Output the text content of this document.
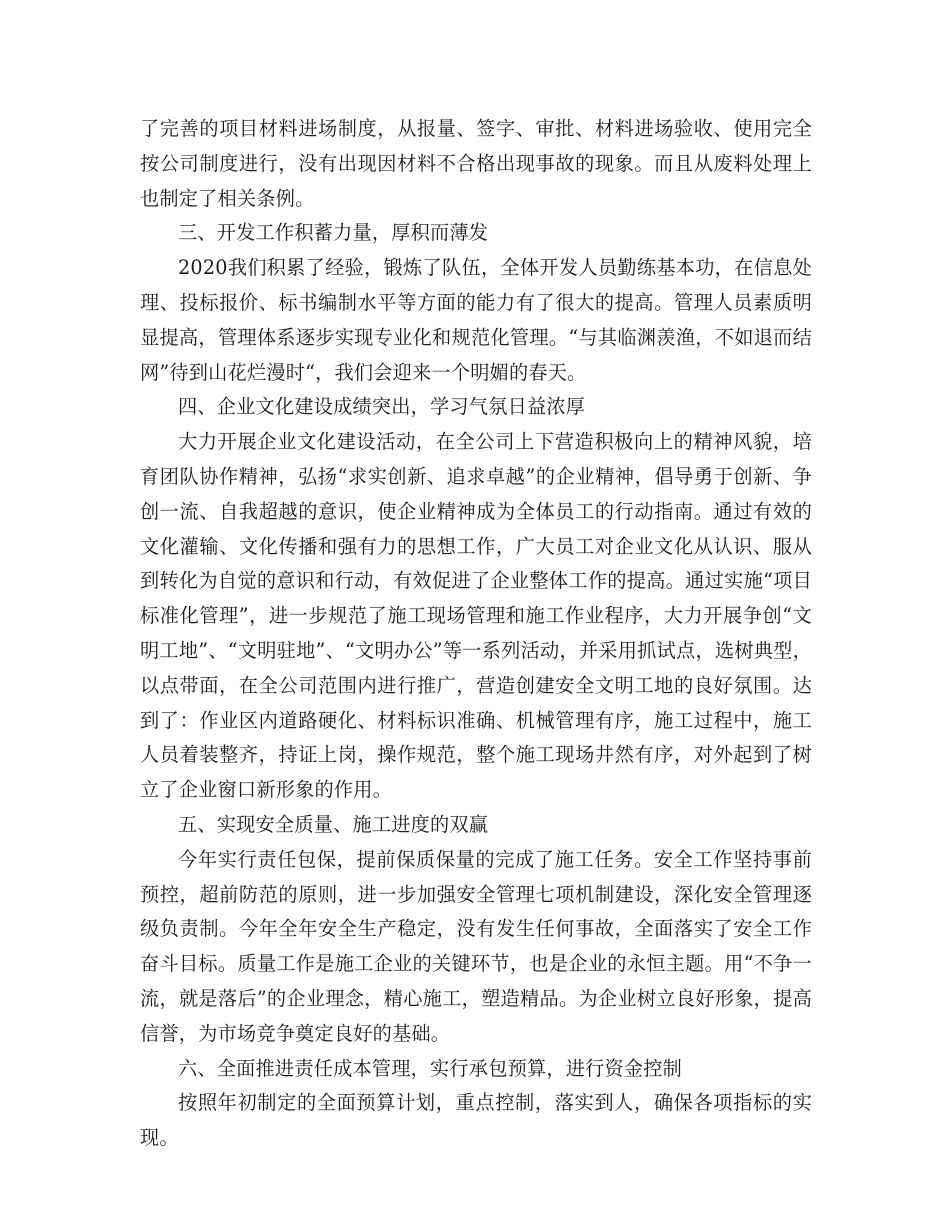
了完善的项目材料进场制度，从报量、签字、审批、材料进场验收、使用完全按公司制度进行，没有出现因材料不合格出现事故的现象。而且从废料处理上也制定了相关条例。

三、开发工作积蓄力量，厚积而薄发

2020我们积累了经验，锻炼了队伍，全体开发人员勤练基本功，在信息处理、投标报价、标书编制水平等方面的能力有了很大的提高。管理人员素质明显提高，管理体系逐步实现专业化和规范化管理。“与其临渊羡渔，不如退而结网”待到山花烂漫时“，我们会迎来一个明媚的春天。

四、企业文化建设成绩突出，学习气氛日益浓厚

大力开展企业文化建设活动，在全公司上下营造积极向上的精神风貌，培育团队协作精神，弘扬“求实创新、追求卓越”的企业精神，倡导勇于创新、争创一流、自我超越的意识，使企业精神成为全体员工的行动指南。通过有效的文化灌输、文化传播和强有力的思想工作，广大员工对企业文化从认识、服从到转化为自觉的意识和行动，有效促进了企业整体工作的提高。通过实施“项目标准化管理”，进一步规范了施工现场管理和施工作业程序，大力开展争创“文明工地”、“文明驻地”、“文明办公”等一系列活动，并采用抓试点，选树典型，以点带面，在全公司范围内进行推广，营造创建安全文明工地的良好氛围。达到了：作业区内道路硬化、材料标识准确、机械管理有序，施工过程中，施工人员着装整齐，持证上岗，操作规范，整个施工现场井然有序，对外起到了树立了企业窗口新形象的作用。

五、实现安全质量、施工进度的双赢

今年实行责任包保，提前保质保量的完成了施工任务。安全工作坚持事前预控，超前防范的原则，进一步加强安全管理七项机制建设，深化安全管理逐级负责制。今年全年安全生产稳定，没有发生任何事故，全面落实了安全工作奋斗目标。质量工作是施工企业的关键环节，也是企业的永恒主题。用“不争一流，就是落后”的企业理念，精心施工，塑造精品。为企业树立良好形象，提高信誉，为市场竞争奠定良好的基础。

六、全面推进责任成本管理，实行承包预算，进行资金控制

按照年初制定的全面预算计划，重点控制，落实到人，确保各项指标的实现。
